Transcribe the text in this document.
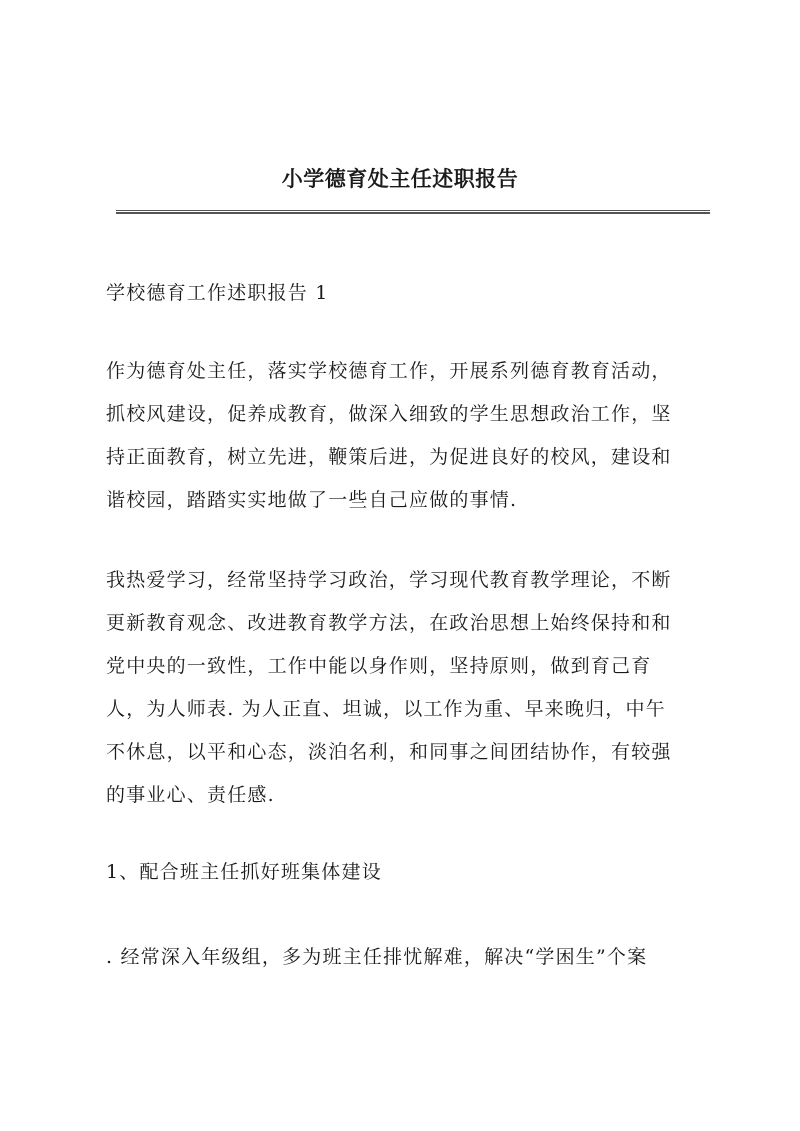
小学德育处主任述职报告
学校德育工作述职报告 1
作为德育处主任，落实学校德育工作，开展系列德育教育活动，
抓校风建设，促养成教育，做深入细致的学生思想政治工作，坚
持正面教育，树立先进，鞭策后进，为促进良好的校风，建设和
谐校园，踏踏实实地做了一些自己应做的事情.
我热爱学习，经常坚持学习政治，学习现代教育教学理论，不断
更新教育观念、改进教育教学方法，在政治思想上始终保持和和
党中央的一致性，工作中能以身作则，坚持原则，做到育己育
人，为人师表. 为人正直、坦诚，以工作为重、早来晚归，中午
不休息，以平和心态，淡泊名利，和同事之间团结协作，有较强
的事业心、责任感.
1、配合班主任抓好班集体建设
. 经常深入年级组，多为班主任排忧解难，解决“学困生”个案
